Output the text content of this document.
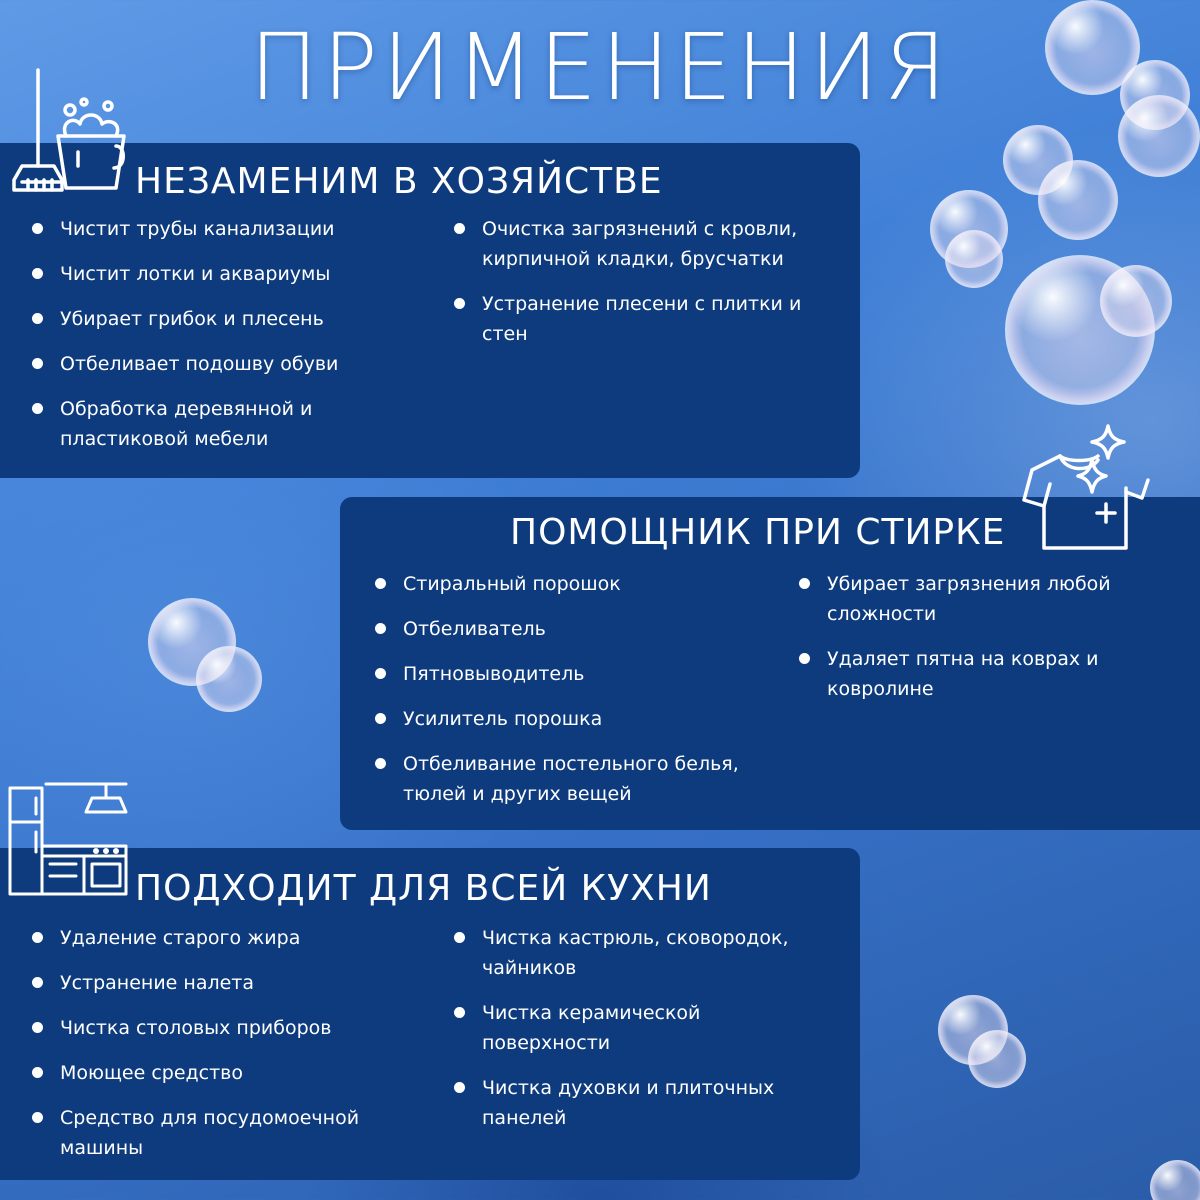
ПРИМЕНЕНИЯ
НЕЗАМЕНИМ В ХОЗЯЙСТВЕ
Чистит трубы канализации
Чистит лотки и аквариумы
Убирает грибок и плесень
Отбеливает подошву обуви
Обработка деревянной и пластиковой мебели
Очистка загрязнений с кровли, кирпичной кладки, брусчатки
Устранение плесени с плитки и стен
ПОМОЩНИК ПРИ СТИРКЕ
Стиральный порошок
Отбеливатель
Пятновыводитель
Усилитель порошка
Отбеливание постельного белья, тюлей и других вещей
Убирает загрязнения любой сложности
Удаляет пятна на коврах и ковролине
ПОДХОДИТ ДЛЯ ВСЕЙ КУХНИ
Удаление старого жира
Устранение налета
Чистка столовых приборов
Моющее средство
Средство для посудомоечной машины
Чистка кастрюль, сковородок, чайников
Чистка керамической поверхности
Чистка духовки и плиточных панелей
